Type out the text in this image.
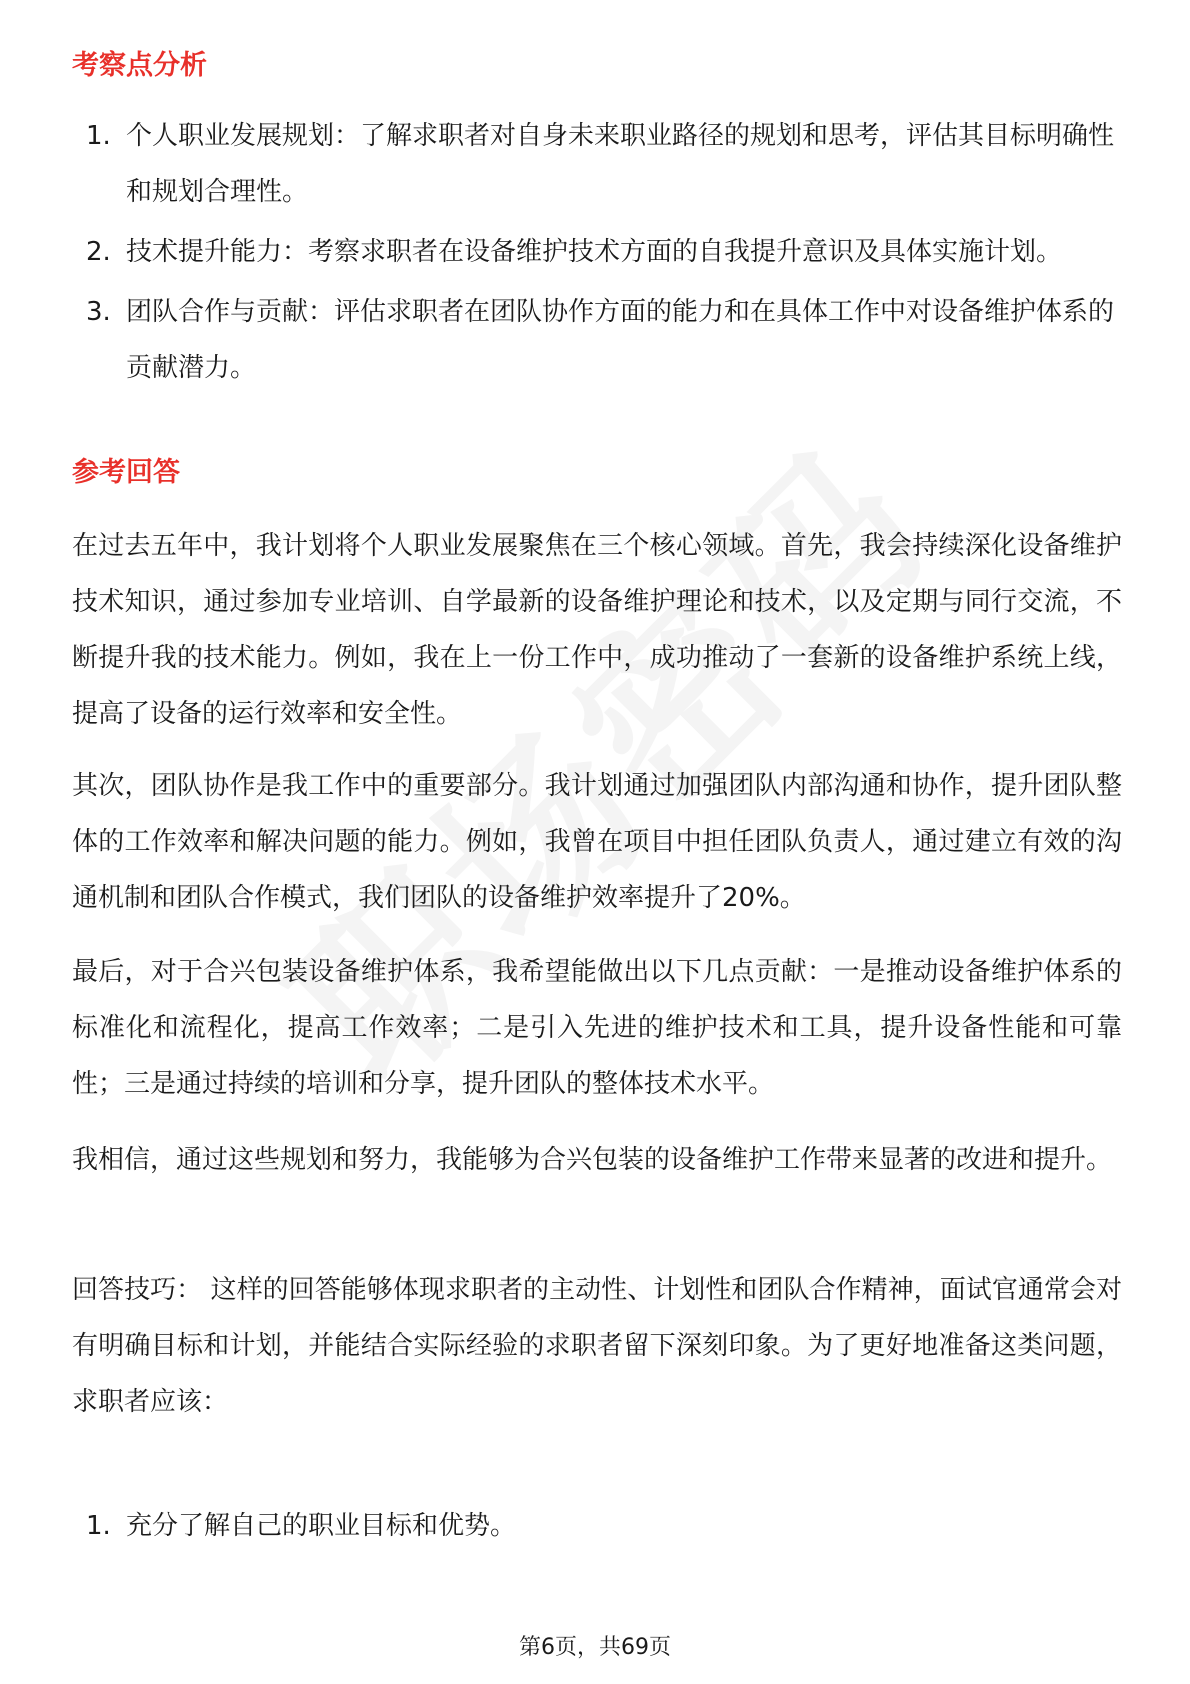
考察点分析
1. 个人职业发展规划：了解求职者对自身未来职业路径的规划和思考，评估其目标明确性和规划合理性。
2. 技术提升能力：考察求职者在设备维护技术方面的自我提升意识及具体实施计划。
3. 团队合作与贡献：评估求职者在团队协作方面的能力和在具体工作中对设备维护体系的贡献潜力。
参考回答

在过去五年中，我计划将个人职业发展聚焦在三个核心领域。首先，我会持续深化设备维护技术知识，通过参加专业培训、自学最新的设备维护理论和技术，以及定期与同行交流，不断提升我的技术能力。例如，我在上一份工作中，成功推动了一套新的设备维护系统上线，提高了设备的运行效率和安全性。

其次，团队协作是我工作中的重要部分。我计划通过加强团队内部沟通和协作，提升团队整体的工作效率和解决问题的能力。例如，我曾在项目中担任团队负责人，通过建立有效的沟通机制和团队合作模式，我们团队的设备维护效率提升了20%。

最后，对于合兴包装设备维护体系，我希望能做出以下几点贡献：一是推动设备维护体系的标准化和流程化，提高工作效率；二是引入先进的维护技术和工具，提升设备性能和可靠性；三是通过持续的培训和分享，提升团队的整体技术水平。

我相信，通过这些规划和努力，我能够为合兴包装的设备维护工作带来显著的改进和提升。

回答技巧： 这样的回答能够体现求职者的主动性、计划性和团队合作精神，面试官通常会对有明确目标和计划，并能结合实际经验的求职者留下深刻印象。为了更好地准备这类问题，求职者应该：

1. 充分了解自己的职业目标和优势。
第6页，共69页
